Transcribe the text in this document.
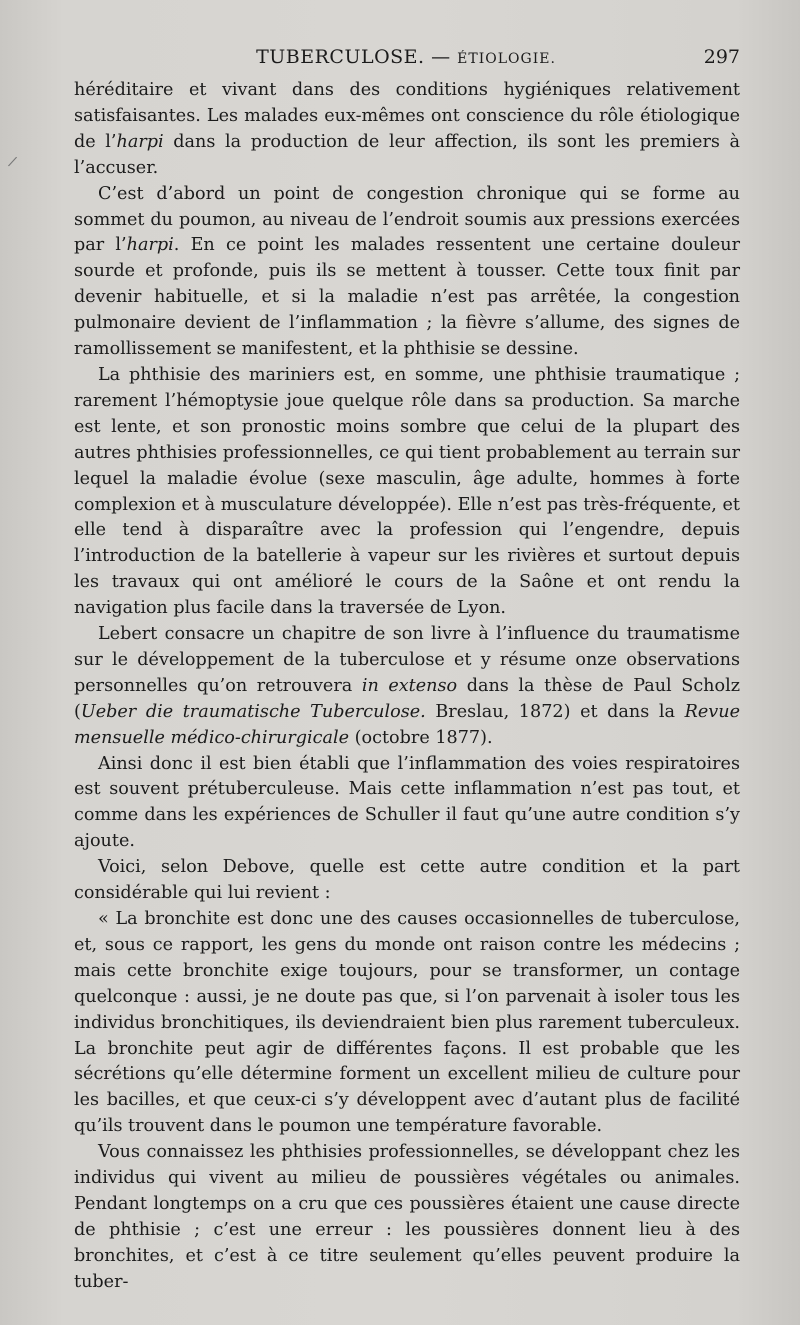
/
TUBERCULOSE. — ÉTIOLOGIE.	297

héréditaire et vivant dans des conditions hygiéniques relativement satisfaisantes. Les malades eux-mêmes ont conscience du rôle étiologique de l’harpi dans la production de leur affection, ils sont les premiers à l’accuser.

C’est d’abord un point de congestion chronique qui se forme au sommet du poumon, au niveau de l’endroit soumis aux pressions exercées par l’harpi. En ce point les malades ressentent une certaine douleur sourde et profonde, puis ils se mettent à tousser. Cette toux finit par devenir habituelle, et si la maladie n’est pas arrêtée, la congestion pulmonaire devient de l’inflammation ; la fièvre s’allume, des signes de ramollissement se manifestent, et la phthisie se dessine.

La phthisie des mariniers est, en somme, une phthisie traumatique ; rarement l’hémoptysie joue quelque rôle dans sa production. Sa marche est lente, et son pronostic moins sombre que celui de la plupart des autres phthisies professionnelles, ce qui tient probablement au terrain sur lequel la maladie évolue (sexe masculin, âge adulte, hommes à forte complexion et à musculature développée). Elle n’est pas très-fréquente, et elle tend à disparaître avec la profession qui l’engendre, depuis l’introduction de la batellerie à vapeur sur les rivières et surtout depuis les travaux qui ont amélioré le cours de la Saône et ont rendu la navigation plus facile dans la traversée de Lyon.

Lebert consacre un chapitre de son livre à l’influence du traumatisme sur le développement de la tuberculose et y résume onze observations personnelles qu’on retrouvera in extenso dans la thèse de Paul Scholz (Ueber die traumatische Tuberculose. Breslau, 1872) et dans la Revue mensuelle médico-chirurgicale (octobre 1877).

Ainsi donc il est bien établi que l’inflammation des voies respiratoires est souvent prétuberculeuse. Mais cette inflammation n’est pas tout, et comme dans les expériences de Schuller il faut qu’une autre condition s’y ajoute.

Voici, selon Debove, quelle est cette autre condition et la part considérable qui lui revient :

« La bronchite est donc une des causes occasionnelles de tuberculose, et, sous ce rapport, les gens du monde ont raison contre les médecins ; mais cette bronchite exige toujours, pour se transformer, un contage quelconque : aussi, je ne doute pas que, si l’on parvenait à isoler tous les individus bronchitiques, ils deviendraient bien plus rarement tuberculeux. La bronchite peut agir de différentes façons. Il est probable que les sécrétions qu’elle détermine forment un excellent milieu de culture pour les bacilles, et que ceux-ci s’y développent avec d’autant plus de facilité qu’ils trouvent dans le poumon une température favorable.

Vous connaissez les phthisies professionnelles, se développant chez les individus qui vivent au milieu de poussières végétales ou animales. Pendant longtemps on a cru que ces poussières étaient une cause directe de phthisie ; c’est une erreur : les poussières donnent lieu à des bronchites, et c’est à ce titre seulement qu’elles peuvent produire la tuber-
